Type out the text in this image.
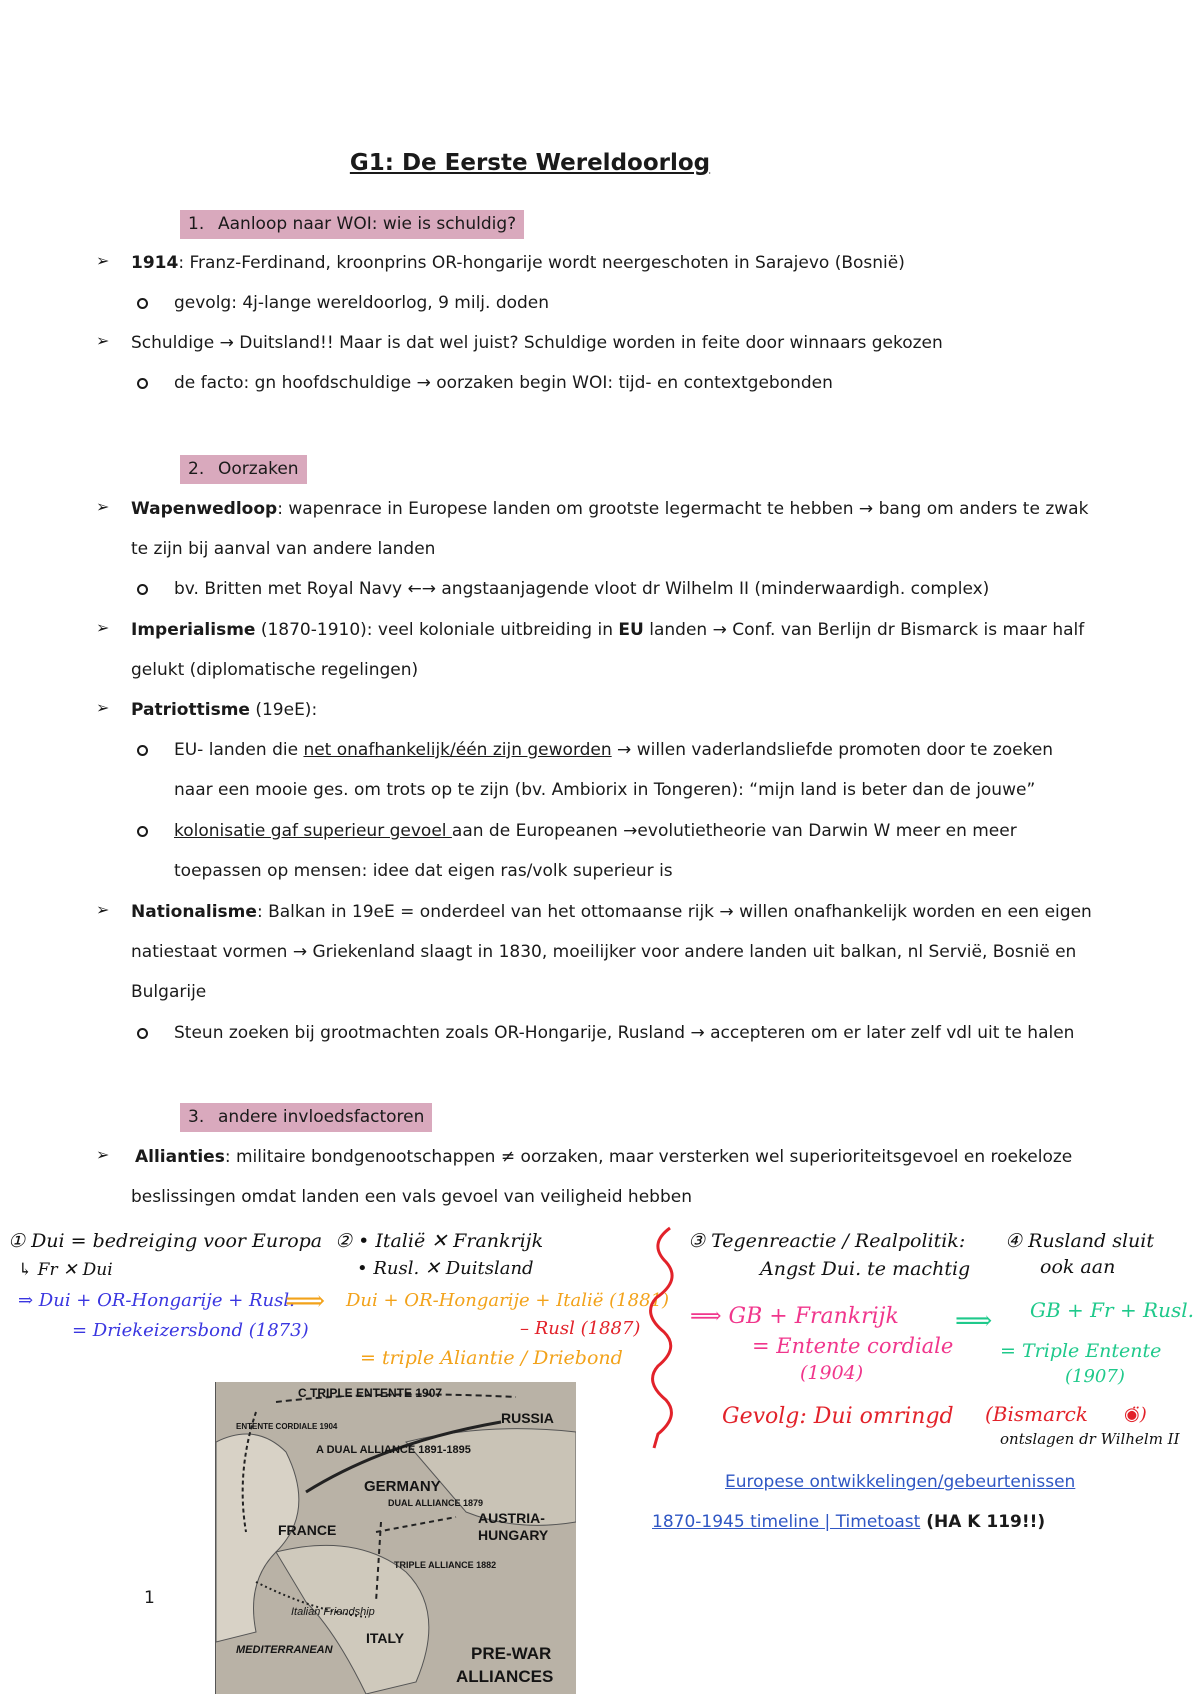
G1: De Eerste Wereldoorlog
1. Aanloop naar WOI: wie is schuldig?
➢	1914: Franz-Ferdinand, kroonprins OR-hongarije wordt neergeschoten in Sarajevo (Bosnië)
gevolg: 4j-lange wereldoorlog, 9 milj. doden
➢	Schuldige → Duitsland!! Maar is dat wel juist? Schuldige worden in feite door winnaars gekozen
de facto: gn hoofdschuldige → oorzaken begin WOI: tijd- en contextgebonden
2. Oorzaken
➢	Wapenwedloop: wapenrace in Europese landen om grootste legermacht te hebben → bang om anders te zwak
te zijn bij aanval van andere landen
bv. Britten met Royal Navy ←→ angstaanjagende vloot dr Wilhelm II (minderwaardigh. complex)
➢	Imperialisme (1870-1910): veel koloniale uitbreiding in EU landen → Conf. van Berlijn dr Bismarck is maar half
gelukt (diplomatische regelingen)
➢	Patriottisme (19eE):
EU- landen die net onafhankelijk/één zijn geworden → willen vaderlandsliefde promoten door te zoeken
naar een mooie ges. om trots op te zijn (bv. Ambiorix in Tongeren): “mijn land is beter dan de jouwe”
kolonisatie gaf superieur gevoel aan de Europeanen →evolutietheorie van Darwin W meer en meer
toepassen op mensen: idee dat eigen ras/volk superieur is
➢	Nationalisme: Balkan in 19eE = onderdeel van het ottomaanse rijk → willen onafhankelijk worden en een eigen
natiestaat vormen → Griekenland slaagt in 1830, moeilijker voor andere landen uit balkan, nl Servië, Bosnië en
Bulgarije
Steun zoeken bij grootmachten zoals OR-Hongarije, Rusland → accepteren om er later zelf vdl uit te halen
3. andere invloedsfactoren
➢	Allianties: militaire bondgenootschappen ≠ oorzaken, maar versterken wel superioriteitsgevoel en roekeloze
beslissingen omdat landen een vals gevoel van veiligheid hebben
① Dui = bedreiging voor Europa
↳ Fr ✕ Dui
⇒ Dui + OR-Hongarije + Rusl.
= Driekeizersbond (1873)
⟹
② • Italië ✕ Frankrijk
• Rusl. ✕ Duitsland
Dui + OR-Hongarije + Italië (1881)
– Rusl (1887)
= triple Aliantie / Driebond
③ Tegenreactie / Realpolitik:
Angst Dui. te machtig
⟹ GB + Frankrijk
= Entente cordiale
(1904)
Gevolg: Dui omringd (Bismarck ◉̈)
ontslagen dr Wilhelm II
④ Rusland sluit
ook aan
⟹ GB + Fr + Rusl.
= Triple Entente
(1907)
C TRIPLE ENTENTE 1907
RUSSIA
A DUAL ALLIANCE 1891-1895
GERMANY
FRANCE
AUSTRIA-
HUNGARY
DUAL ALLIANCE 1879
TRIPLE ALLIANCE 1882
ENTENTE CORDIALE 1904
Italian Friendship
ITALY
MEDITERRANEAN	PRE-WAR
ALLIANCES
Europese ontwikkelingen/gebeurtenissen
1870-1945 timeline | Timetoast (HA K 119!!)
1
